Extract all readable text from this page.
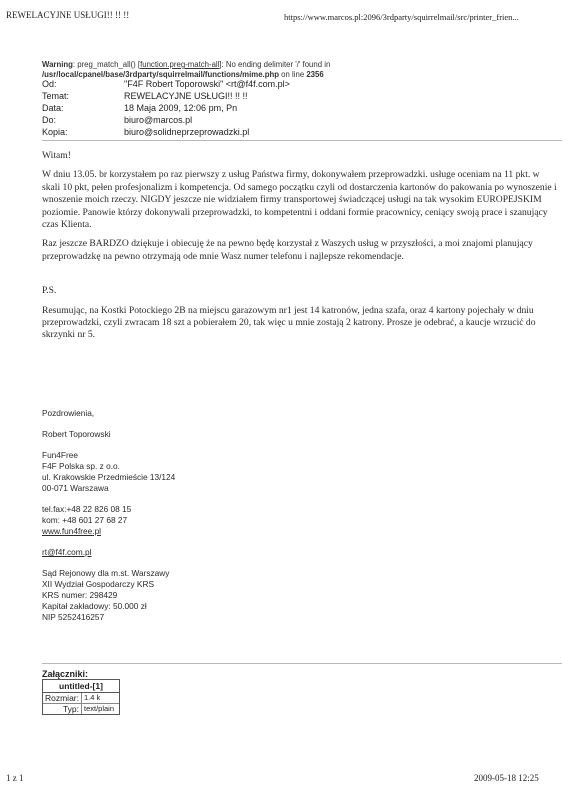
REWELACYJNE USŁUGI!! !! !!	https://www.marcos.pl:2096/3rdparty/squirrelmail/src/printer_frien...
Warning: preg_match_all() [function.preg-match-all]: No ending delimiter '/' found in /usr/local/cpanel/base/3rdparty/squirrelmail/functions/mime.php on line 2356
Od:	"F4F Robert Toporowski" <rt@f4f.com.pl>
Temat:	REWELACYJNE USŁUGI!! !! !!
Data:	18 Maja 2009, 12:06 pm, Pn
Do:	biuro@marcos.pl
Kopia:	biuro@solidneprzeprowadzki.pl

Witam!

W dniu 13.05. br korzystałem po raz pierwszy z usług Państwa firmy, dokonywałem przeprowadzki. usługe oceniam na 11 pkt. w skali 10 pkt, pełen profesjonalizm i kompetencja. Od samego początku czyli od dostarczenia kartonów do pakowania po wynoszenie i wnoszenie moich rzeczy. NIGDY jeszcze nie widziałem firmy transportowej świadczącej usługi na tak wysokim EUROPEJSKIM poziomie. Panowie którzy dokonywali przeprowadzki, to kompetentni i oddani formie pracownicy, ceniący swoją prace i szanujący czas Klienta.

Raz jeszcze BARDZO dziękuje i obiecuję że na pewno będę korzystał z Waszych usług w przyszłości, a moi znajomi planujący przeprowadzkę na pewno otrzymają ode mnie Wasz numer telefonu i najlepsze rekomendacje.

P.S.

Resumując, na Kostki Potockiego 2B na miejscu garazowym nr1 jest 14 katronów, jedna szafa, oraz 4 kartony pojechały w dniu przeprowadzki, czyli zwracam 18 szt a pobierałem 20, tak więc u mnie zostają 2 katrony. Prosze je odebrać, a kaucje wrzucić do skrzynki nr 5.

Pozdrowienia,
Robert Toporowski
Fun4Free
F4F Polska sp. z o.o.
ul. Krakowskie Przedmieście 13/124
00-071 Warszawa
tel.fax:+48 22 826 08 15
kom: +48 601 27 68 27
www.fun4free.pl
rt@f4f.com.pl
Sąd Rejonowy dla m.st. Warszawy
XII Wydział Gospodarczy KRS
KRS numer: 298429
Kapitał zakładowy: 50.000 zł
NIP 5252416257
Załączniki:
untitled-[1]
Rozmiar: 1.4 k
Typ: text/plain
1 z 1	2009-05-18 12:25
